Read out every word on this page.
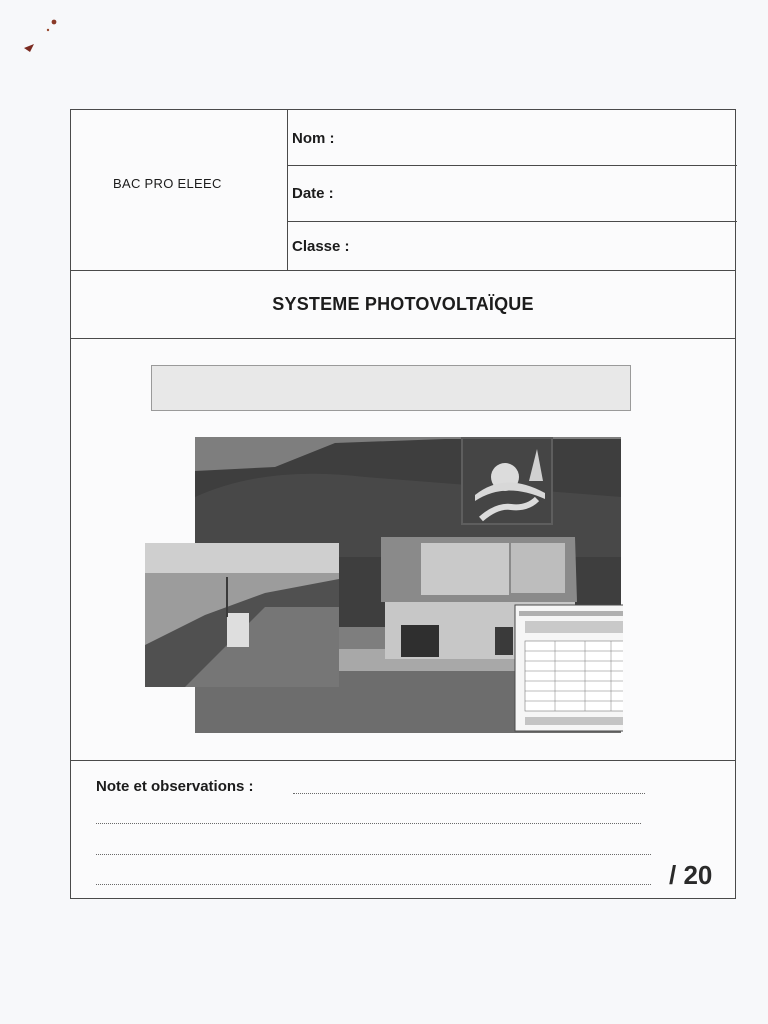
BAC PRO ELEEC
Nom :
Date :
Classe :
SYSTEME PHOTOVOLTAÏQUE
Note et observations :
/ 20
